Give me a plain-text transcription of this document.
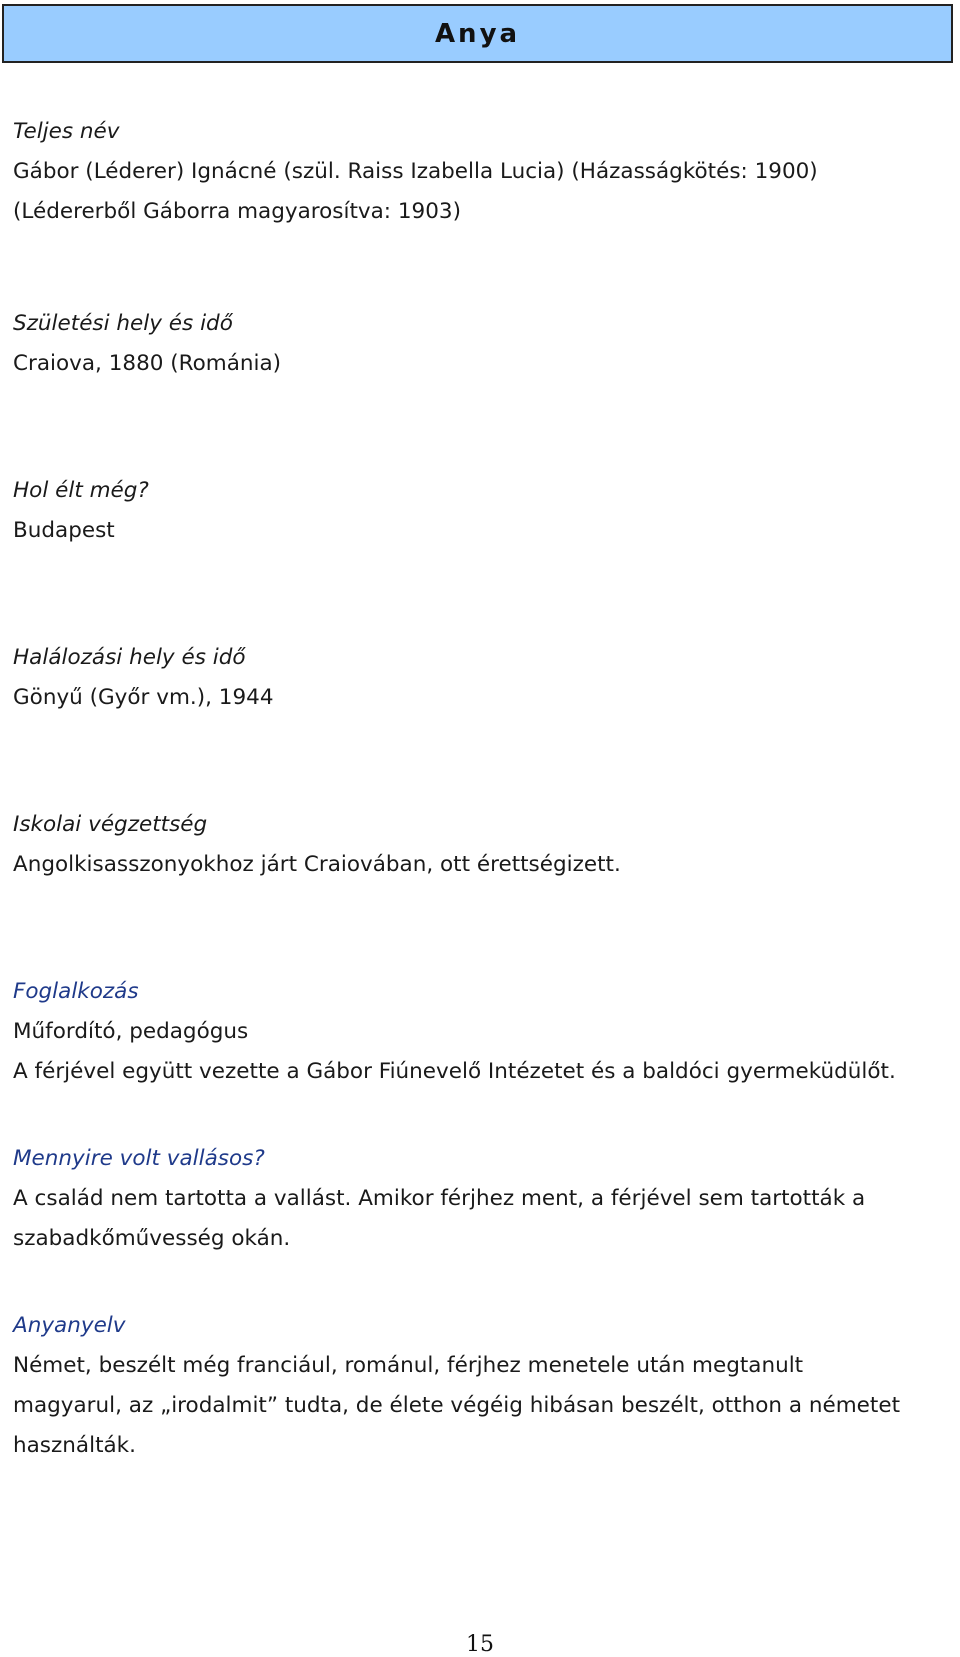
Anya

Teljes név

Gábor (Léderer) Ignácné (szül. Raiss Izabella Lucia) (Házasságkötés: 1900)

(Lédererből Gáborra magyarosítva: 1903)

Születési hely és idő

Craiova, 1880 (Románia)

Hol élt még?

Budapest

Halálozási hely és idő

Gönyű (Győr vm.), 1944

Iskolai végzettség

Angolkisasszonyokhoz járt Craiovában, ott érettségizett.

Foglalkozás

Műfordító, pedagógus

A férjével együtt vezette a Gábor Fiúnevelő Intézetet és a baldóci gyermeküdülőt.

Mennyire volt vallásos?

A család nem tartotta a vallást. Amikor férjhez ment, a férjével sem tartották a

szabadkőművesség okán.

Anyanyelv

Német, beszélt még franciául, románul, férjhez menetele után megtanult

magyarul, az „irodalmit” tudta, de élete végéig hibásan beszélt, otthon a németet

használták.

15
